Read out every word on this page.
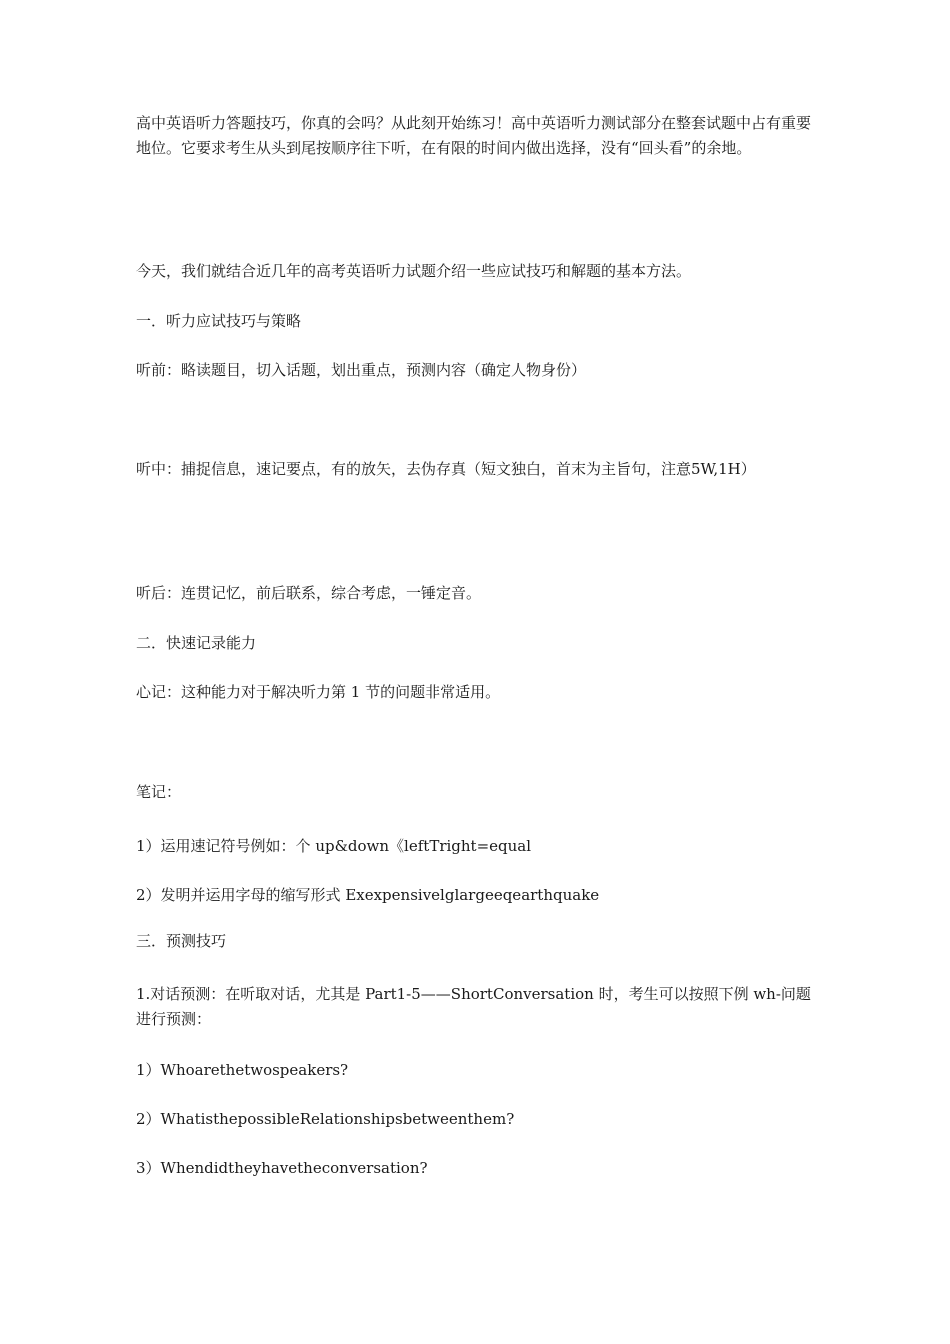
高中英语听力答题技巧，你真的会吗？从此刻开始练习！高中英语听力测试部分在整套试题中占有重要地位。它要求考生从头到尾按顺序往下听，在有限的时间内做出选择，没有“回头看”的余地。

今天，我们就结合近几年的高考英语听力试题介绍一些应试技巧和解题的基本方法。

一．听力应试技巧与策略

听前：略读题目，切入话题，划出重点，预测内容（确定人物身份）

听中：捕捉信息，速记要点，有的放矢，去伪存真（短文独白，首末为主旨句，注意5W,1H）

听后：连贯记忆，前后联系，综合考虑，一锤定音。

二．快速记录能力

心记：这种能力对于解决听力第 1 节的问题非常适用。

笔记：

1）运用速记符号例如：个 up&down《leftTright=equal

2）发明并运用字母的缩写形式 Exexpensivelglargeeqearthquake

三．预测技巧

1.对话预测：在听取对话，尤其是 Part1-5——ShortConversation 时，考生可以按照下例 wh-问题进行预测：

1）Whoarethetwospeakers?

2）WhatisthepossibleRelationshipsbetweenthem?

3）Whendidtheyhavetheconversation?
